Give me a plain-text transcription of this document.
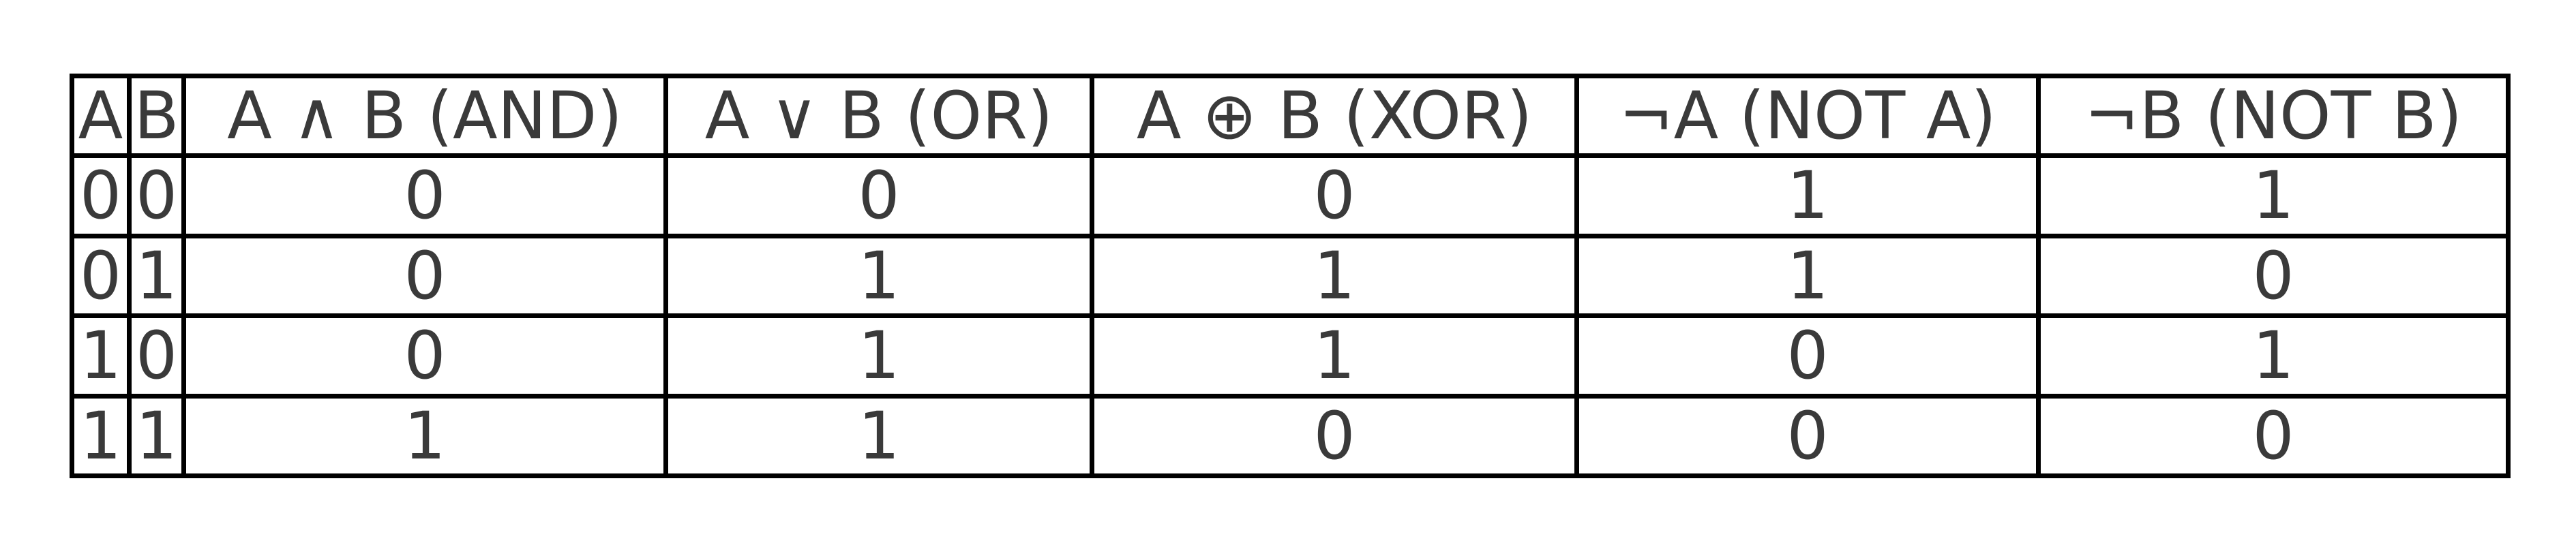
A	B	A ∧ B (AND)	A ∨ B (OR)	A ⊕ B (XOR)	¬A (NOT A)	¬B (NOT B)
0	0	0	0	0	1	1
0	1	0	1	1	1	0
1	0	0	1	1	0	1
1	1	1	1	0	0	0
